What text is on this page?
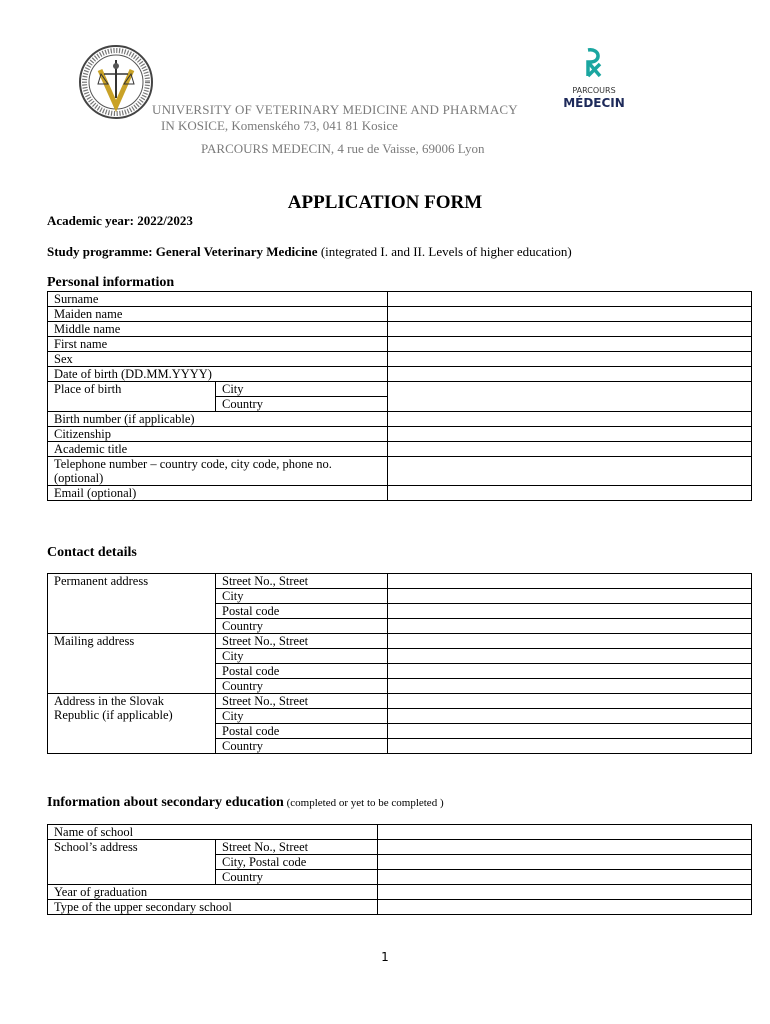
PARCOURS
MÉDECIN
UNIVERSITY OF VETERINARY MEDICINE AND PHARMACY
IN KOSICE, Komenského 73, 041 81 Kosice
PARCOURS MEDECIN, 4 rue de Vaisse, 69006 Lyon
APPLICATION FORM
Academic year: 2022/2023
Study programme: General Veterinary Medicine (integrated I. and II. Levels of higher education)
Personal information
Surname		
Maiden name		
Middle name		
First name		
Sex		
Date of birth (DD.MM.YYYY)		
Place of birth	City	
	Country	
Birth number (if applicable)		
Citizenship		
Academic title		
Telephone number – country code, city code, phone no. (optional)		
Email (optional)		
Contact details
Permanent address	Street No., Street	
	City	
	Postal code	
	Country	
Mailing address	Street No., Street	
	City	
	Postal code	
	Country	
Address in the Slovak Republic (if applicable)	Street No., Street	
	City	
	Postal code	
	Country	
Information about secondary education (completed or yet to be completed )
Name of school		
School’s address	Street No., Street	
	City, Postal code	
	Country	
Year of graduation		
Type of the upper secondary school		
1
